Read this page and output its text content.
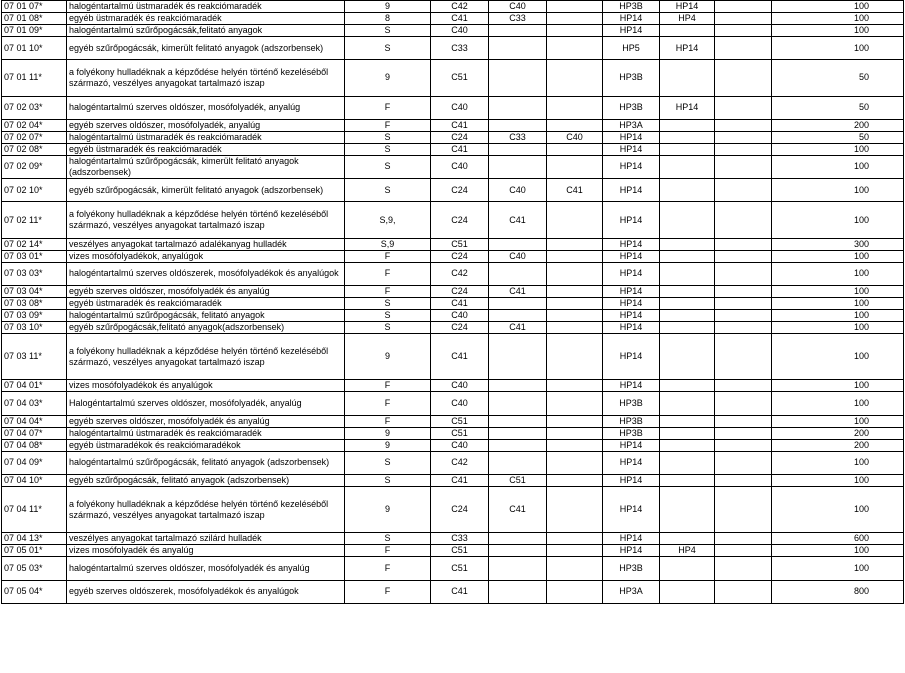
07 01 07*	halogéntartalmú üstmaradék és reakciómaradék	9	C42	C40		HP3B	HP14		100
07 01 08*	egyéb üstmaradék és reakciómaradék	8	C41	C33		HP14	HP4		100
07 01 09*	halogéntartalmú szűrőpogácsák,felitató anyagok	S	C40			HP14			100
07 01 10*	egyéb szűrőpogácsák, kimerült felitató anyagok (adszorbensek)	S	C33			HP5	HP14		100
07 01 11*	a folyékony hulladéknak a képződése helyén történő kezeléséből származó, veszélyes anyagokat tartalmazó iszap	9	C51			HP3B			50
07 02 03*	halogéntartalmú szerves oldószer, mosófolyadék, anyalúg	F	C40			HP3B	HP14		50
07 02 04*	egyéb szerves oldószer, mosófolyadék, anyalúg	F	C41			HP3A			200
07 02 07*	halogéntartalmú üstmaradék és reakciómaradék	S	C24	C33	C40	HP14			50
07 02 08*	egyéb üstmaradék és reakciómaradék	S	C41			HP14			100
07 02 09*	halogéntartalmú szűrőpogácsák, kimerült felitató anyagok (adszorbensek)	S	C40			HP14			100
07 02 10*	egyéb szűrőpogácsák, kimerült felitató anyagok (adszorbensek)	S	C24	C40	C41	HP14			100
07 02 11*	a folyékony hulladéknak a képződése helyén történő kezeléséből származó, veszélyes anyagokat tartalmazó iszap	S,9,	C24	C41		HP14			100
07 02 14*	veszélyes anyagokat tartalmazó adalékanyag hulladék	S,9	C51			HP14			300
07 03 01*	vizes mosófolyadékok, anyalúgok	F	C24	C40		HP14			100
07 03 03*	halogéntartalmú szerves oldószerek, mosófolyadékok és anyalúgok	F	C42			HP14			100
07 03 04*	egyéb szerves oldószer, mosófolyadék és anyalúg	F	C24	C41		HP14			100
07 03 08*	egyéb üstmaradék és reakciómaradék	S	C41			HP14			100
07 03 09*	halogéntartalmú szűrőpogácsák, felitató anyagok	S	C40			HP14			100
07 03 10*	egyéb szűrőpogácsák,felitató anyagok(adszorbensek)	S	C24	C41		HP14			100
07 03 11*	a folyékony hulladéknak a képződése helyén történő kezeléséből származó, veszélyes anyagokat tartalmazó iszap	9	C41			HP14			100
07 04 01*	vizes mosófolyadékok és anyalúgok	F	C40			HP14			100
07 04 03*	Halogéntartalmú szerves oldószer, mosófolyadék, anyalúg	F	C40			HP3B			100
07 04 04*	egyéb szerves oldószer, mosófolyadék és anyalúg	F	C51			HP3B			100
07 04 07*	halogéntartalmú üstmaradék és reakciómaradék	9	C51			HP3B			200
07 04 08*	egyéb üstmaradékok és reakciómaradékok	9	C40			HP14			200
07 04 09*	halogéntartalmú szűrőpogácsák, felitató anyagok (adszorbensek)	S	C42			HP14			100
07 04 10*	egyéb szűrőpogácsák, felitató anyagok (adszorbensek)	S	C41	C51		HP14			100
07 04 11*	a folyékony hulladéknak a képződése helyén történő kezeléséből származó, veszélyes anyagokat tartalmazó iszap	9	C24	C41		HP14			100
07 04 13*	veszélyes anyagokat tartalmazó szilárd hulladék	S	C33			HP14			600
07 05 01*	vizes mosófolyadék és anyalúg	F	C51			HP14	HP4		100
07 05 03*	halogéntartalmú szerves oldószer, mosófolyadék és anyalúg	F	C51			HP3B			100
07 05 04*	egyéb szerves oldószerek, mosófolyadékok és anyalúgok	F	C41			HP3A			800
